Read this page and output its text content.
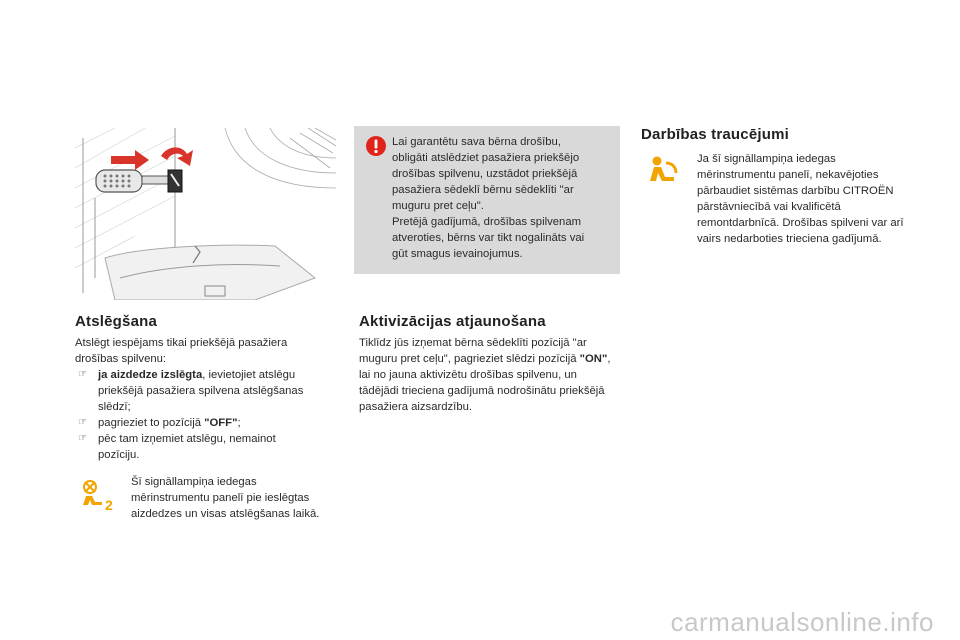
Lai garantētu sava bērna drošību,
obligāti atslēdziet pasažiera priekšējo
drošības spilvenu, uzstādot priekšējā
pasažiera sēdeklī bērnu sēdeklīti "ar
muguru pret ceļu".
Pretējā gadījumā, drošības spilvenam
atveroties, bērns var tikt nogalināts vai
gūt smagus ievainojumus.
Darbības traucējumi
Ja šī signāllampiņa iedegas mērinstrumentu panelī, nekavējoties pārbaudiet sistēmas darbību CITROËN pārstāvniecībā vai kvalificētā remontdarbnīcā. Drošības spilveni var arī vairs nedarboties trieciena gadījumā.
Atslēgšana
Atslēgt iespējams tikai priekšējā pasažiera drošības spilvenu:
☞ ja aizdedze izslēgta, ievietojiet atslēgu priekšējā pasažiera spilvena atslēgšanas slēdzī;
☞ pagrieziet to pozīcijā "OFF";
☞ pēc tam izņemiet atslēgu, nemainot pozīciju.
2
Šī signāllampiņa iedegas mērinstrumentu panelī pie ieslēgtas aizdedzes un visas atslēgšanas laikā.
Aktivizācijas atjaunošana
Tiklīdz jūs izņemat bērna sēdeklīti pozīcijā "ar muguru pret ceļu", pagrieziet slēdzi pozīcijā "ON", lai no jauna aktivizētu drošības spilvenu, un tādējādi trieciena gadījumā nodrošinātu priekšējā pasažiera aizsardzību.
carmanualsonline.info
